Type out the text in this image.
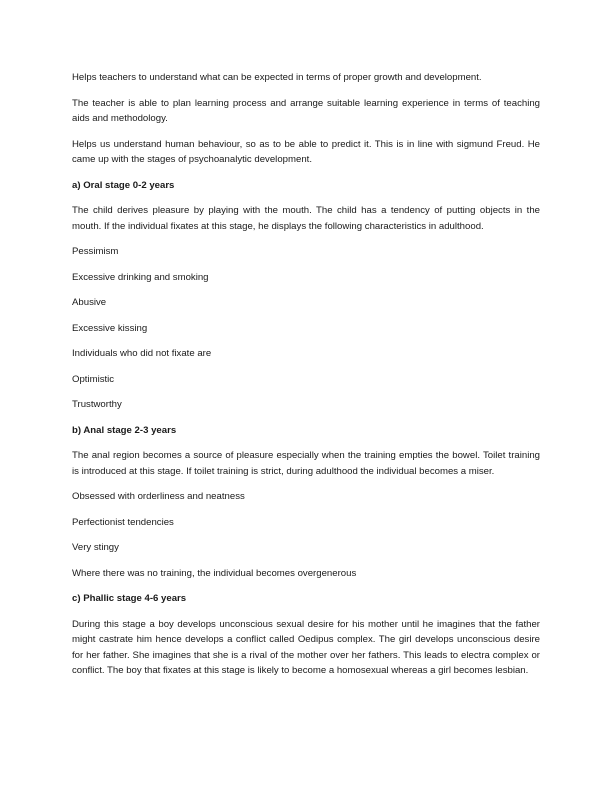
Helps teachers to understand what can be expected in terms of proper growth and development.

The teacher is able to plan learning process and arrange suitable learning experience in terms of teaching aids and methodology.

Helps us understand human behaviour, so as to be able to predict it. This is in line with sigmund Freud. He came up with the stages of psychoanalytic development.

a) Oral stage 0-2 years

The child derives pleasure by playing with the mouth. The child has a tendency of putting objects in the mouth. If the individual fixates at this stage, he displays the following characteristics in adulthood.

Pessimism

Excessive drinking and smoking

Abusive

Excessive kissing

Individuals who did not fixate are

Optimistic

Trustworthy

b) Anal stage 2-3 years

The anal region becomes a source of pleasure especially when the training empties the bowel. Toilet training is introduced at this stage. If toilet training is strict, during adulthood the individual becomes a miser.

Obsessed with orderliness and neatness

Perfectionist tendencies

Very stingy

Where there was no training, the individual becomes overgenerous

c) Phallic stage 4-6 years

During this stage a boy develops unconscious sexual desire for his mother until he imagines that the father might castrate him hence develops a conflict called Oedipus complex. The girl develops unconscious desire for her father. She imagines that she is a rival of the mother over her fathers. This leads to electra complex or conflict. The boy that fixates at this stage is likely to become a homosexual whereas a girl becomes lesbian.
